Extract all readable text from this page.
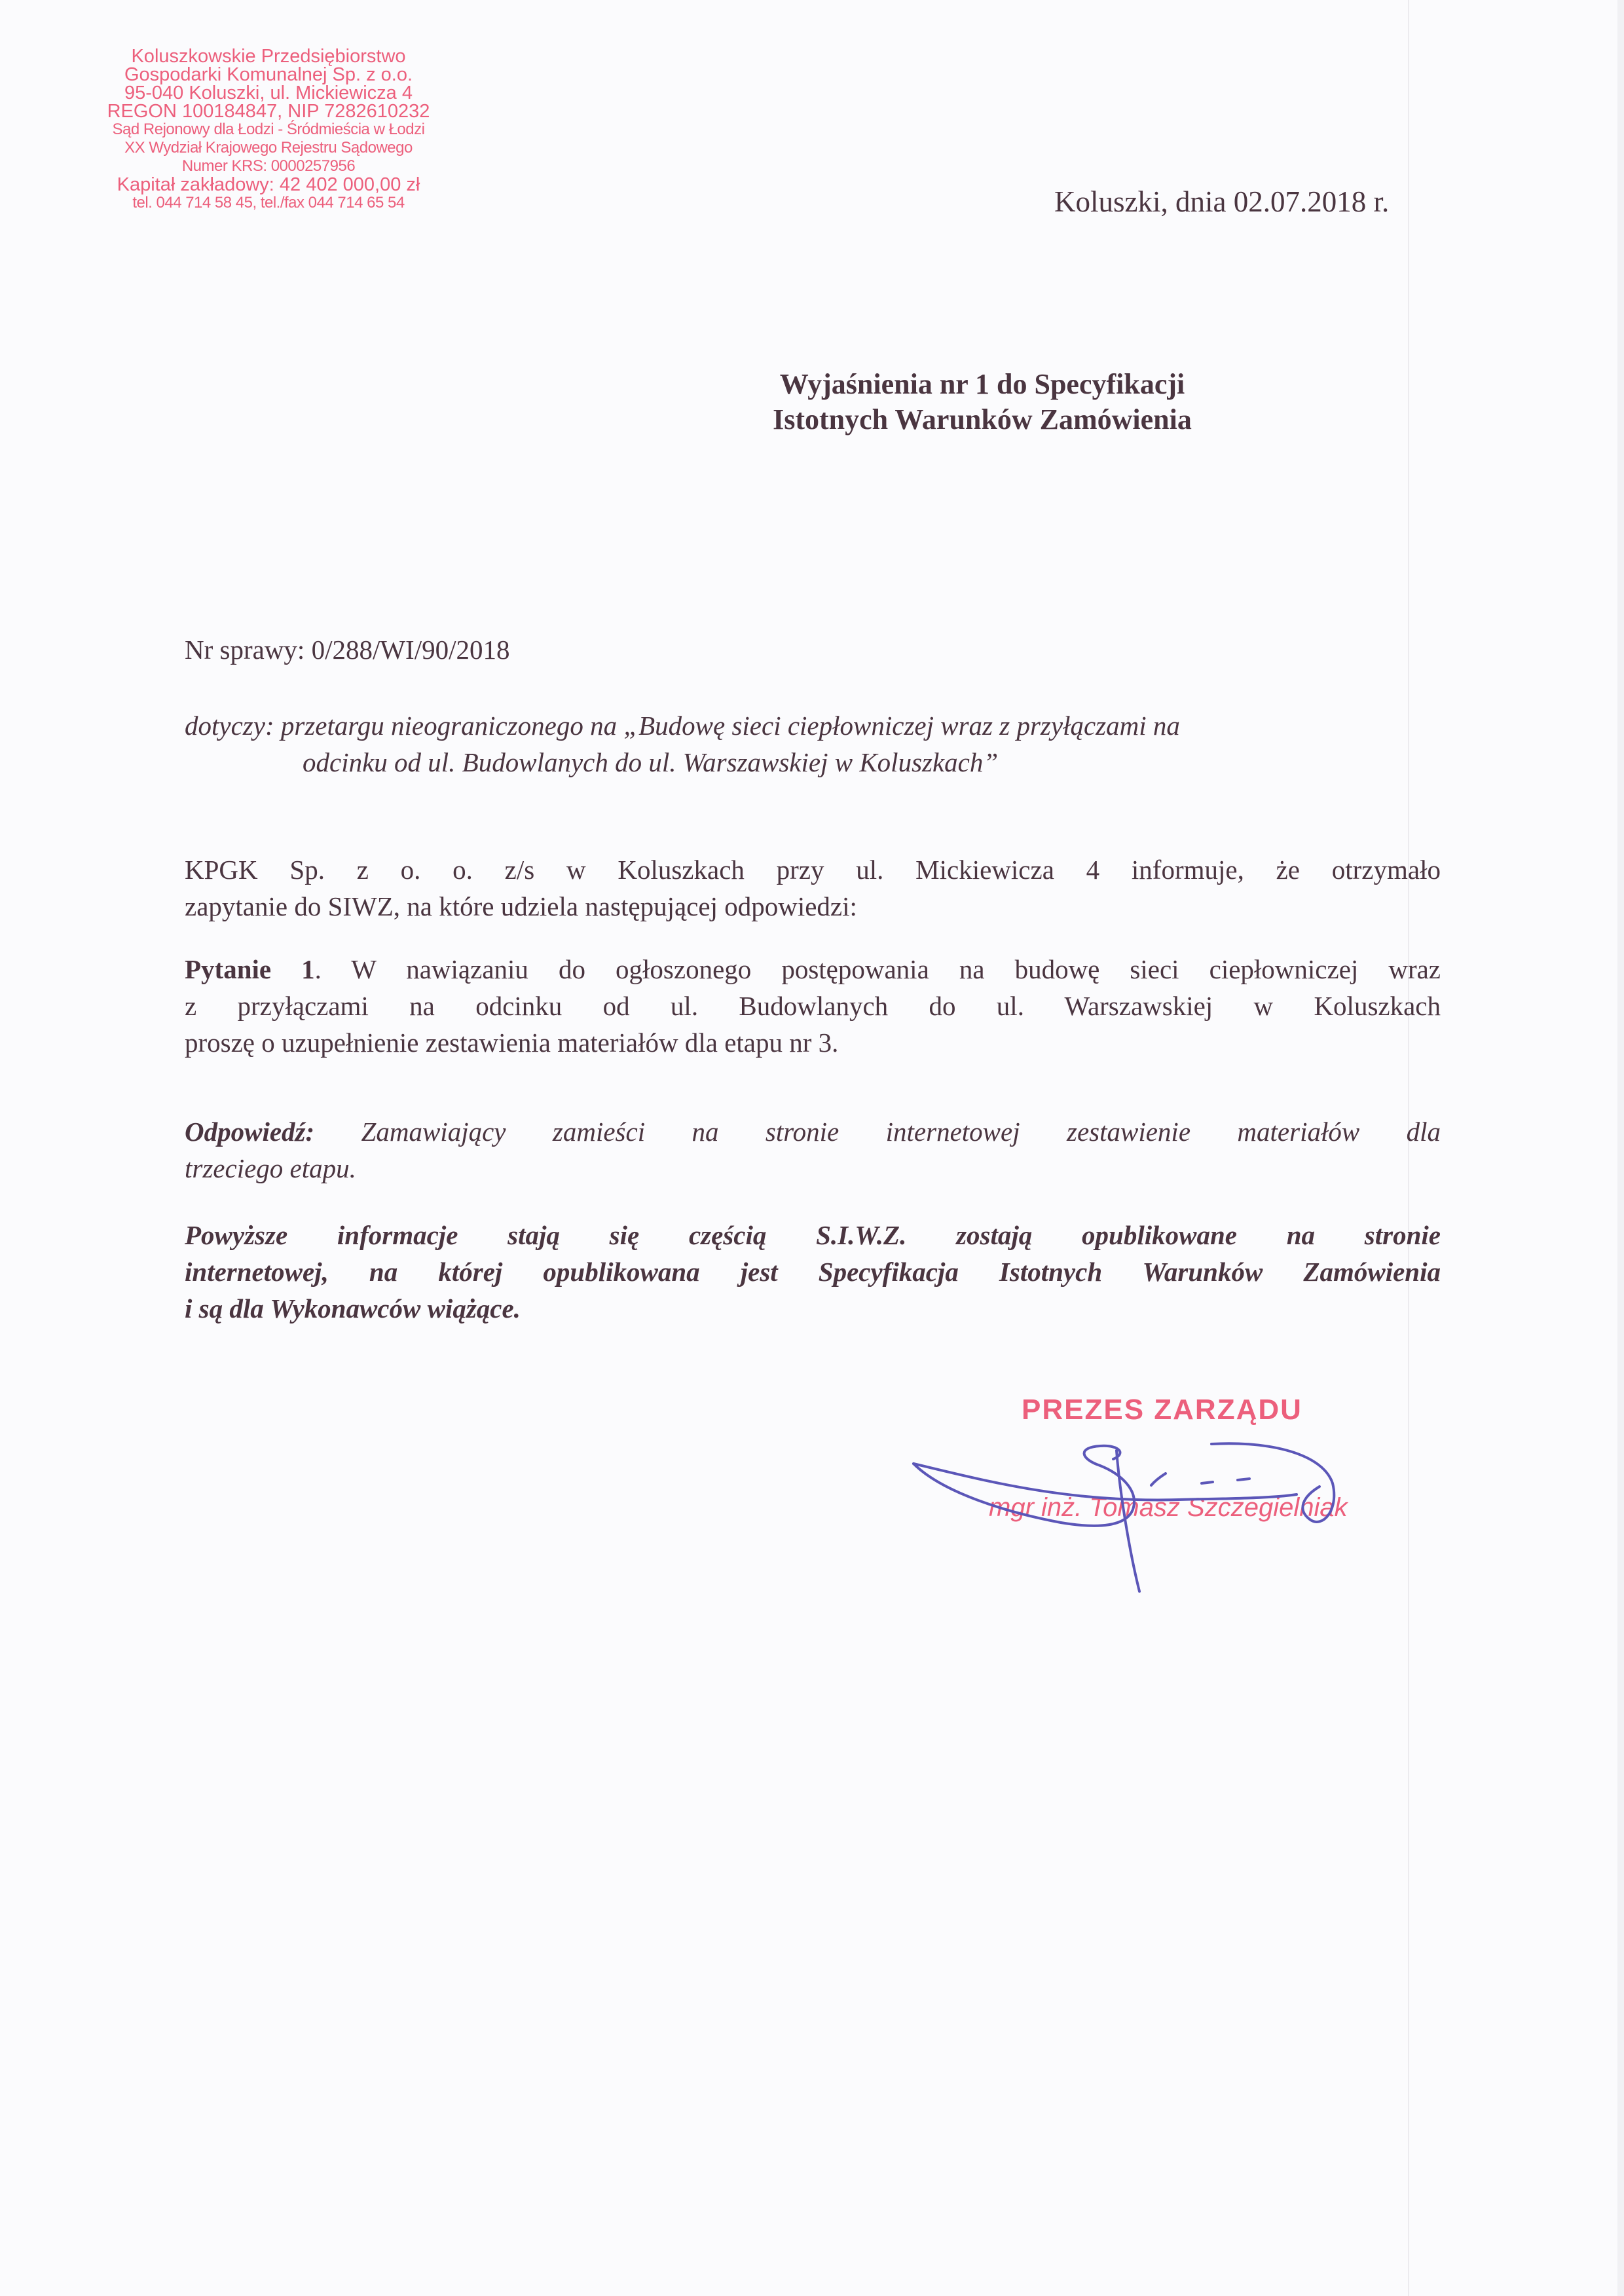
Koluszkowskie Przedsiębiorstwo
Gospodarki Komunalnej Sp. z o.o.
95-040 Koluszki, ul. Mickiewicza 4
REGON 100184847, NIP 7282610232
Sąd Rejonowy dla Łodzi - Śródmieścia w Łodzi
XX Wydział Krajowego Rejestru Sądowego
Numer KRS: 0000257956
Kapitał zakładowy: 42 402 000,00 zł
tel. 044 714 58 45, tel./fax 044 714 65 54	Koluszki, dnia 02.07.2018 r.
Wyjaśnienia nr 1 do Specyfikacji
Istotnych Warunków Zamówienia
Nr sprawy: 0/288/WI/90/2018
dotyczy: przetargu nieograniczonego na „Budowę sieci ciepłowniczej wraz z przyłączami na
odcinku od ul. Budowlanych do ul. Warszawskiej w Koluszkach”
KPGK Sp. z o. o. z/s w Koluszkach przy ul. Mickiewicza 4 informuje, że otrzymało
zapytanie do SIWZ, na które udziela następującej odpowiedzi:
Pytanie 1. W nawiązaniu do ogłoszonego postępowania na budowę sieci ciepłowniczej wraz
z przyłączami na odcinku od ul. Budowlanych do ul. Warszawskiej w Koluszkach
proszę o uzupełnienie zestawienia materiałów dla etapu nr 3.
Odpowiedź: Zamawiający zamieści na stronie internetowej zestawienie materiałów dla
trzeciego etapu.
Powyższe informacje stają się częścią S.I.W.Z. zostają opublikowane na stronie
internetowej, na której opublikowana jest Specyfikacja Istotnych Warunków Zamówienia
i są dla Wykonawców wiążące.
PREZES ZARZĄDU
mgr inż. Tomasz Szczegielniak
